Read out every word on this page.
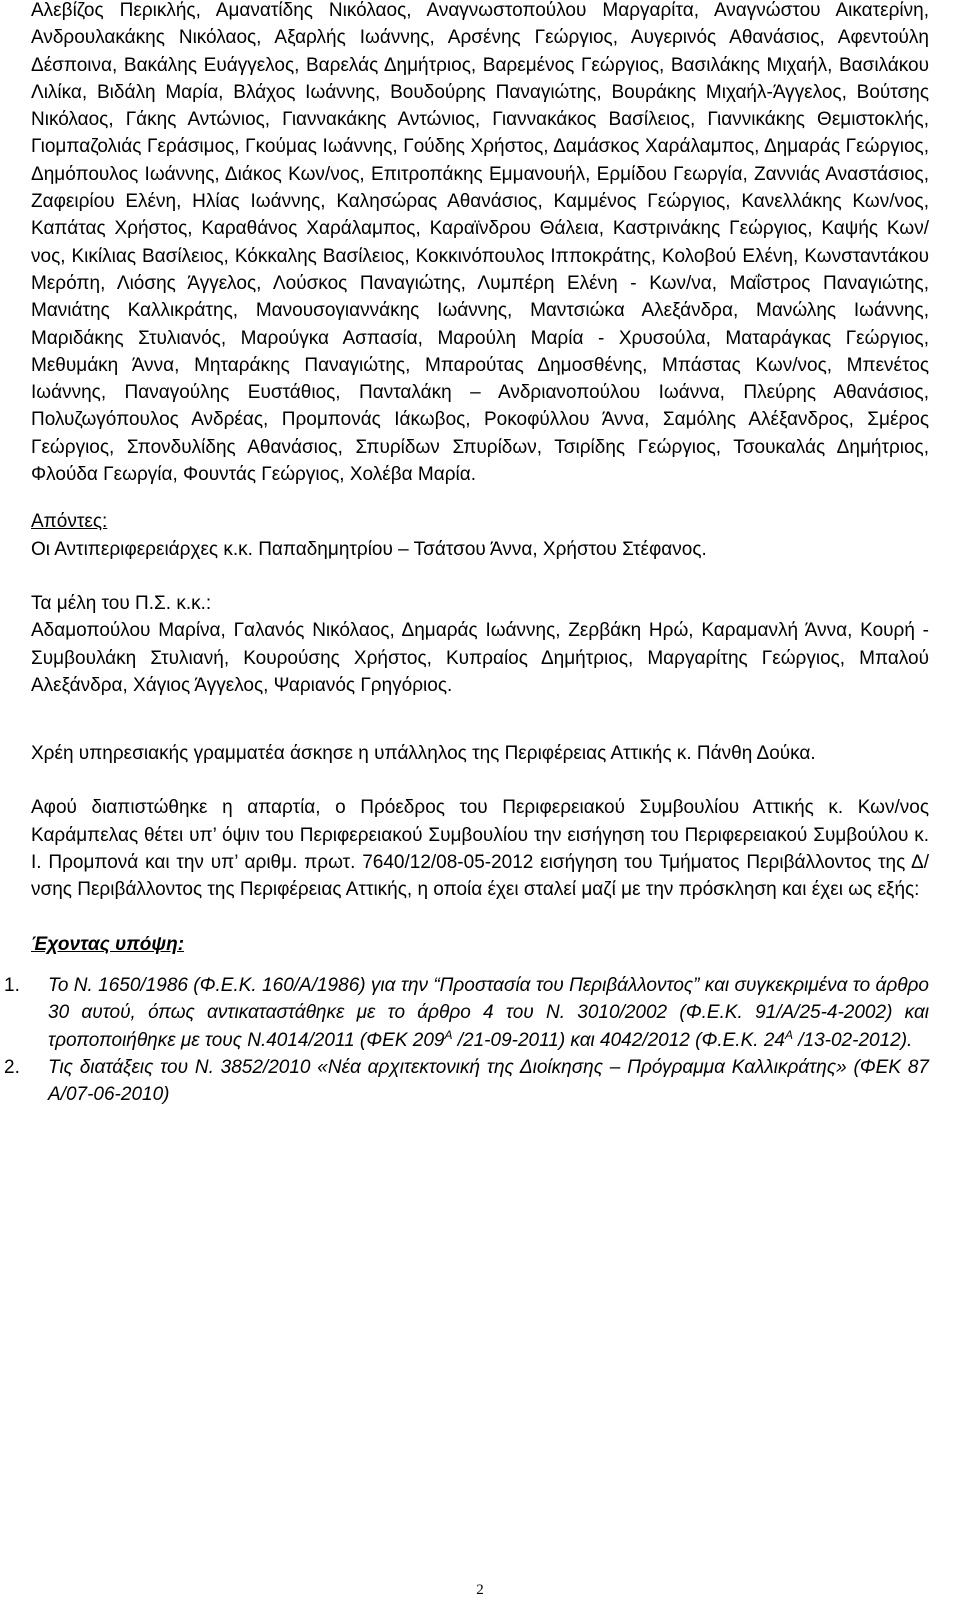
Αλεβίζος Περικλής, Αμανατίδης Νικόλαος, Αναγνωστοπούλου Μαργαρίτα, Αναγνώστου Αικατερίνη, Ανδρουλακάκης Νικόλαος, Αξαρλής Ιωάννης, Αρσένης Γεώργιος, Αυγερινός Αθανάσιος, Αφεντούλη Δέσποινα, Βακάλης Ευάγγελος, Βαρελάς Δημήτριος, Βαρεμένος Γεώργιος, Βασιλάκης Μιχαήλ, Βασιλάκου Λιλίκα, Βιδάλη Μαρία, Βλάχος Ιωάννης, Βουδούρης Παναγιώτης, Βουράκης Μιχαήλ-Άγγελος, Βούτσης Νικόλαος, Γάκης Αντώνιος, Γιαννακάκης Αντώνιος, Γιαννακάκος Βασίλειος, Γιαννικάκης Θεμιστοκλής, Γιομπαζολιάς Γεράσιμος, Γκούμας Ιωάννης, Γούδης Χρήστος, Δαμάσκος Χαράλαμπος, Δημαράς Γεώργιος, Δημόπουλος Ιωάννης, Διάκος Κων/νος, Επιτροπάκης Εμμανουήλ, Ερμίδου Γεωργία, Ζαννιάς Αναστάσιος, Ζαφειρίου Ελένη, Ηλίας Ιωάννης, Καλησώρας Αθανάσιος, Καμμένος Γεώργιος, Κανελλάκης Κων/νος, Καπάτας Χρήστος, Καραθάνος Χαράλαμπος, Καραϊνδρου Θάλεια, Καστρινάκης Γεώργιος, Καψής Κων/νος, Κικίλιας Βασίλειος, Κόκκαλης Βασίλειος, Κοκκινόπουλος Ιπποκράτης, Κολοβού Ελένη, Κωνσταντάκου Μερόπη, Λιόσης Άγγελος, Λούσκος Παναγιώτης, Λυμπέρη Ελένη - Κων/να, Μαΐστρος Παναγιώτης, Μανιάτης Καλλικράτης, Μανουσογιαννάκης Ιωάννης, Μαντσιώκα Αλεξάνδρα, Μανώλης Ιωάννης, Μαριδάκης Στυλιανός, Μαρούγκα Ασπασία, Μαρούλη Μαρία - Χρυσούλα, Ματαράγκας Γεώργιος, Μεθυμάκη Άννα, Μηταράκης Παναγιώτης, Μπαρούτας Δημοσθένης, Μπάστας Κων/νος, Μπενέτος Ιωάννης, Παναγούλης Ευστάθιος, Πανταλάκη – Ανδριανοπούλου Ιωάννα, Πλεύρης Αθανάσιος, Πολυζωγόπουλος Ανδρέας, Προμπονάς Ιάκωβος, Ροκοφύλλου Άννα, Σαμόλης Αλέξανδρος, Σμέρος Γεώργιος, Σπονδυλίδης Αθανάσιος, Σπυρίδων Σπυρίδων, Τσιρίδης Γεώργιος, Τσουκαλάς Δημήτριος, Φλούδα Γεωργία, Φουντάς Γεώργιος, Χολέβα Μαρία.

Απόντες:

Οι Αντιπεριφερειάρχες κ.κ. Παπαδημητρίου – Τσάτσου Άννα, Χρήστου Στέφανος.

Τα μέλη του Π.Σ. κ.κ.:

Αδαμοπούλου Μαρίνα, Γαλανός Νικόλαος, Δημαράς Ιωάννης, Ζερβάκη Ηρώ, Καραμανλή Άννα, Κουρή - Συμβουλάκη Στυλιανή, Κουρούσης Χρήστος, Κυπραίος Δημήτριος, Μαργαρίτης Γεώργιος, Μπαλού Αλεξάνδρα, Χάγιος Άγγελος, Ψαριανός Γρηγόριος.

Χρέη υπηρεσιακής γραμματέα άσκησε η υπάλληλος της Περιφέρειας Αττικής κ. Πάνθη Δούκα.

Αφού διαπιστώθηκε η απαρτία, ο Πρόεδρος του Περιφερειακού Συμβουλίου Αττικής κ. Κων/νος Καράμπελας θέτει υπ’ όψιν του Περιφερειακού Συμβουλίου την εισήγηση του Περιφερειακού Συμβούλου κ. Ι. Προμπονά και την υπ’ αριθμ. πρωτ. 7640/12/08-05-2012 εισήγηση του Τμήματος Περιβάλλοντος της Δ/νσης Περιβάλλοντος της Περιφέρειας Αττικής, η οποία έχει σταλεί μαζί με την πρόσκληση και έχει ως εξής:

Έχοντας υπόψη:

1. Το Ν. 1650/1986 (Φ.Ε.Κ. 160/Α/1986) για την “Προστασία του Περιβάλλοντος” και συγκεκριμένα το άρθρο 30 αυτού, όπως αντικαταστάθηκε με το άρθρο 4 του Ν. 3010/2002 (Φ.Ε.Κ. 91/Α/25-4-2002) και τροποποιήθηκε με τους Ν.4014/2011 (ΦΕΚ $209^A$ /21-09-2011) και 4042/2012 (Φ.Ε.Κ. $24^A$ /13-02-2012).
2. Τις διατάξεις του Ν. 3852/2010 «Νέα αρχιτεκτονική της Διοίκησης – Πρόγραμμα Καλλικράτης» (ΦΕΚ 87 Α/07-06-2010)
2
